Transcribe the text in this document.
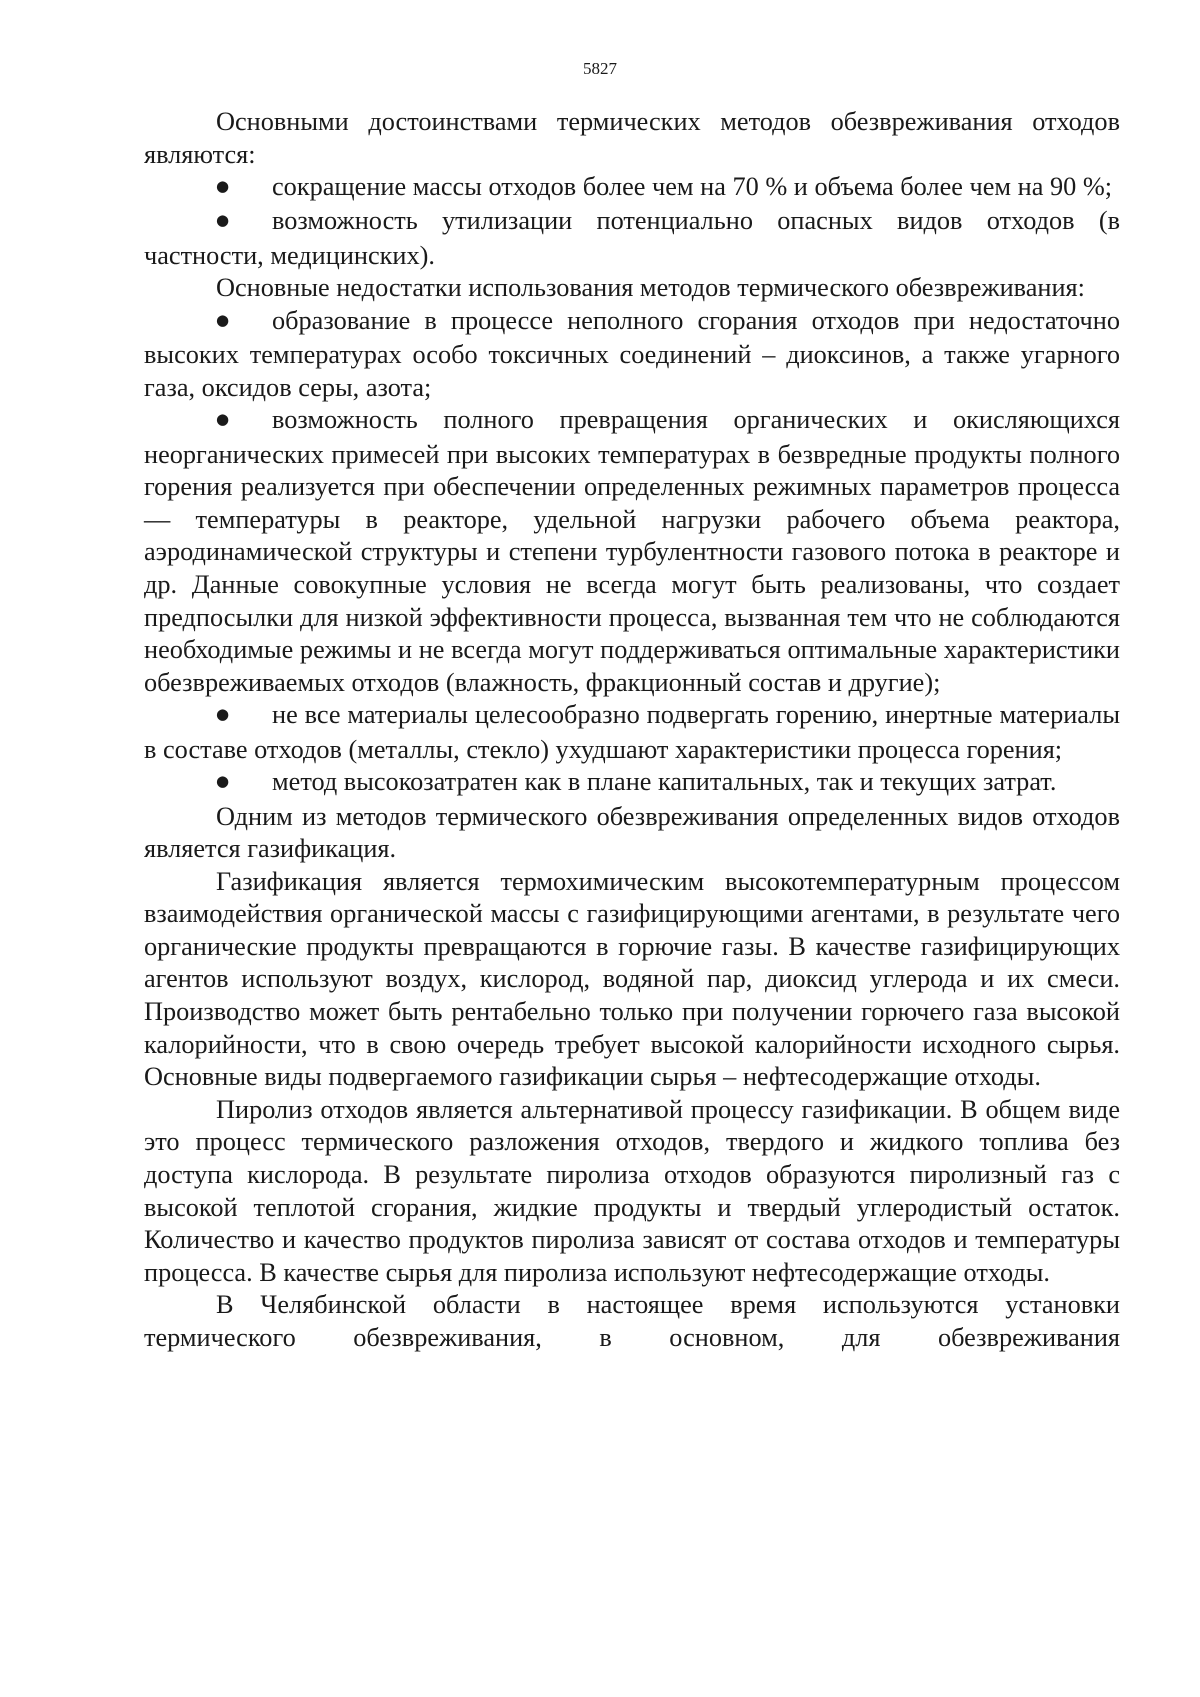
5827

Основными достоинствами термических методов обезвреживания отходов являются:

● сокращение массы отходов более чем на 70 % и объема более чем на 90 %;

● возможность утилизации потенциально опасных видов отходов (в частности, медицинских).

Основные недостатки использования методов термического обезвреживания:

● образование в процессе неполного сгорания отходов при недостаточно высоких температурах особо токсичных соединений – диоксинов, а также угарного газа, оксидов серы, азота;

● возможность полного превращения органических и окисляющихся неорганических примесей при высоких температурах в безвредные продукты полного горения реализуется при обеспечении определенных режимных параметров процесса — температуры в реакторе, удельной нагрузки рабочего объема реактора, аэродинамической структуры и степени турбулентности газового потока в реакторе и др. Данные совокупные условия не всегда могут быть реализованы, что создает предпосылки для низкой эффективности процесса, вызванная тем что не соблюдаются необходимые режимы и не всегда могут поддерживаться оптимальные характеристики обезвреживаемых отходов (влажность, фракционный состав и другие);

● не все материалы целесообразно подвергать горению, инертные материалы в составе отходов (металлы, стекло) ухудшают характеристики процесса горения;

● метод высокозатратен как в плане капитальных, так и текущих затрат.

Одним из методов термического обезвреживания определенных видов отходов является газификация.

Газификация является термохимическим высокотемпературным процессом взаимодействия органической массы с газифицирующими агентами, в результате чего органические продукты превращаются в горючие газы. В качестве газифицирующих агентов используют воздух, кислород, водяной пар, диоксид углерода и их смеси. Производство может быть рентабельно только при получении горючего газа высокой калорийности, что в свою очередь требует высокой калорийности исходного сырья. Основные виды подвергаемого газификации сырья – нефтесодержащие отходы.

Пиролиз отходов является альтернативой процессу газификации. В общем виде это процесс термического разложения отходов, твердого и жидкого топлива без доступа кислорода. В результате пиролиза отходов образуются пиролизный газ с высокой теплотой сгорания, жидкие продукты и твердый углеродистый остаток. Количество и качество продуктов пиролиза зависят от состава отходов и температуры процесса. В качестве сырья для пиролиза используют нефтесодержащие отходы.

В Челябинской области в настоящее время используются установки термического обезвреживания, в основном, для обезвреживания
